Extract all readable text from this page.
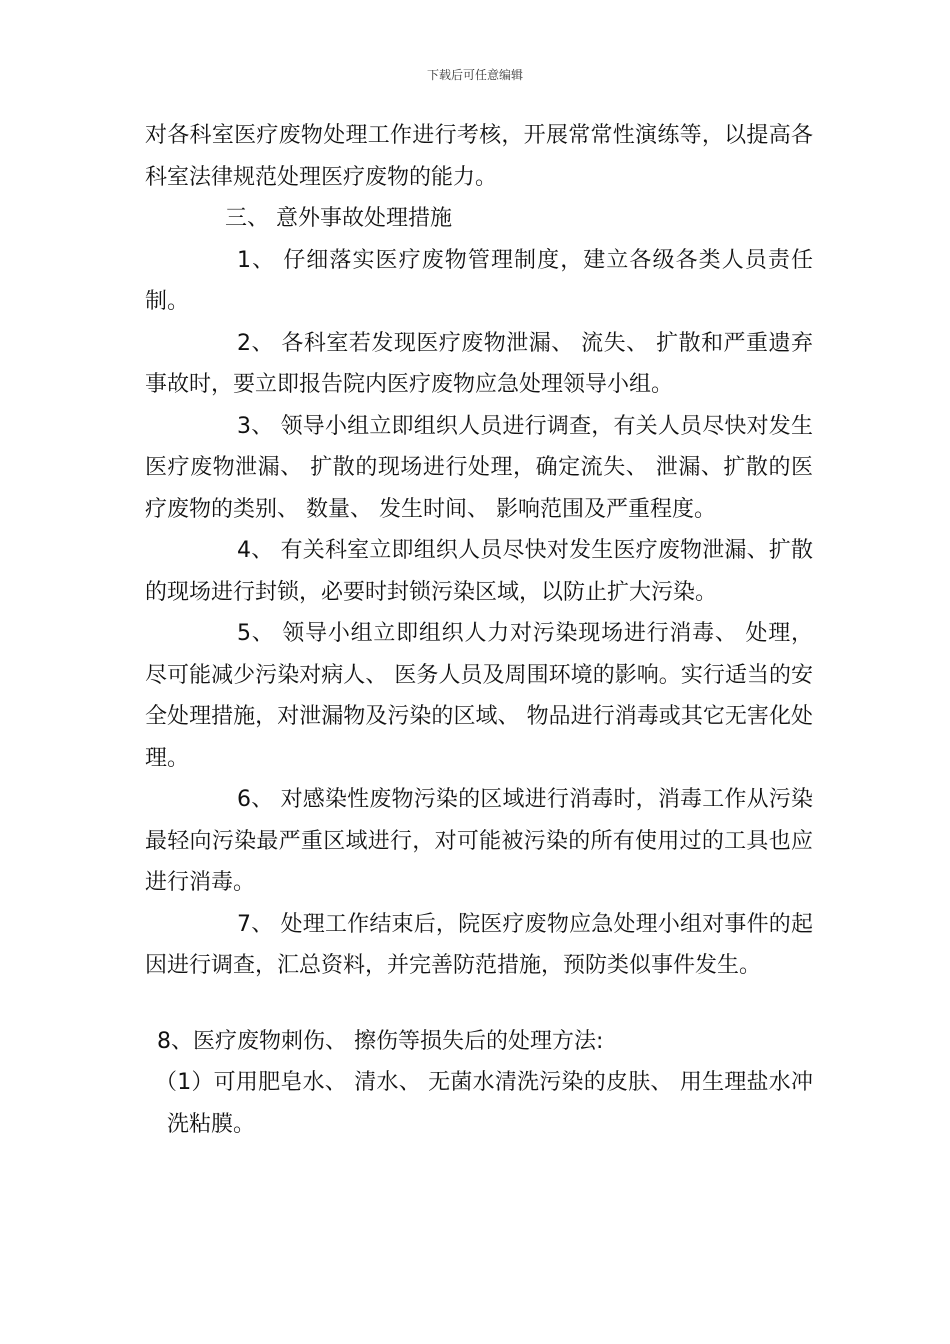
下载后可任意编辑

对各科室医疗废物处理工作进行考核，开展常常性演练等，以提高各科室法律规范处理医疗废物的能力。

三、 意外事故处理措施

1、 仔细落实医疗废物管理制度，建立各级各类人员责任制。

2、 各科室若发现医疗废物泄漏、 流失、 扩散和严重遗弃事故时，要立即报告院内医疗废物应急处理领导小组。

3、 领导小组立即组织人员进行调查，有关人员尽快对发生医疗废物泄漏、 扩散的现场进行处理，确定流失、 泄漏、扩散的医疗废物的类别、 数量、 发生时间、 影响范围及严重程度。

4、 有关科室立即组织人员尽快对发生医疗废物泄漏、扩散的现场进行封锁，必要时封锁污染区域，以防止扩大污染。

5、 领导小组立即组织人力对污染现场进行消毒、 处理， 尽可能减少污染对病人、 医务人员及周围环境的影响。实行适当的安全处理措施，对泄漏物及污染的区域、 物品进行消毒或其它无害化处理。

6、 对感染性废物污染的区域进行消毒时，消毒工作从污染最轻向污染最严重区域进行，对可能被污染的所有使用过的工具也应进行消毒。

7、 处理工作结束后，院医疗废物应急处理小组对事件的起因进行调查，汇总资料，并完善防范措施，预防类似事件发生。

8、医疗废物刺伤、 擦伤等损失后的处理方法:

（1）可用肥皂水、 清水、 无菌水清洗污染的皮肤、 用生理盐水冲洗粘膜。
